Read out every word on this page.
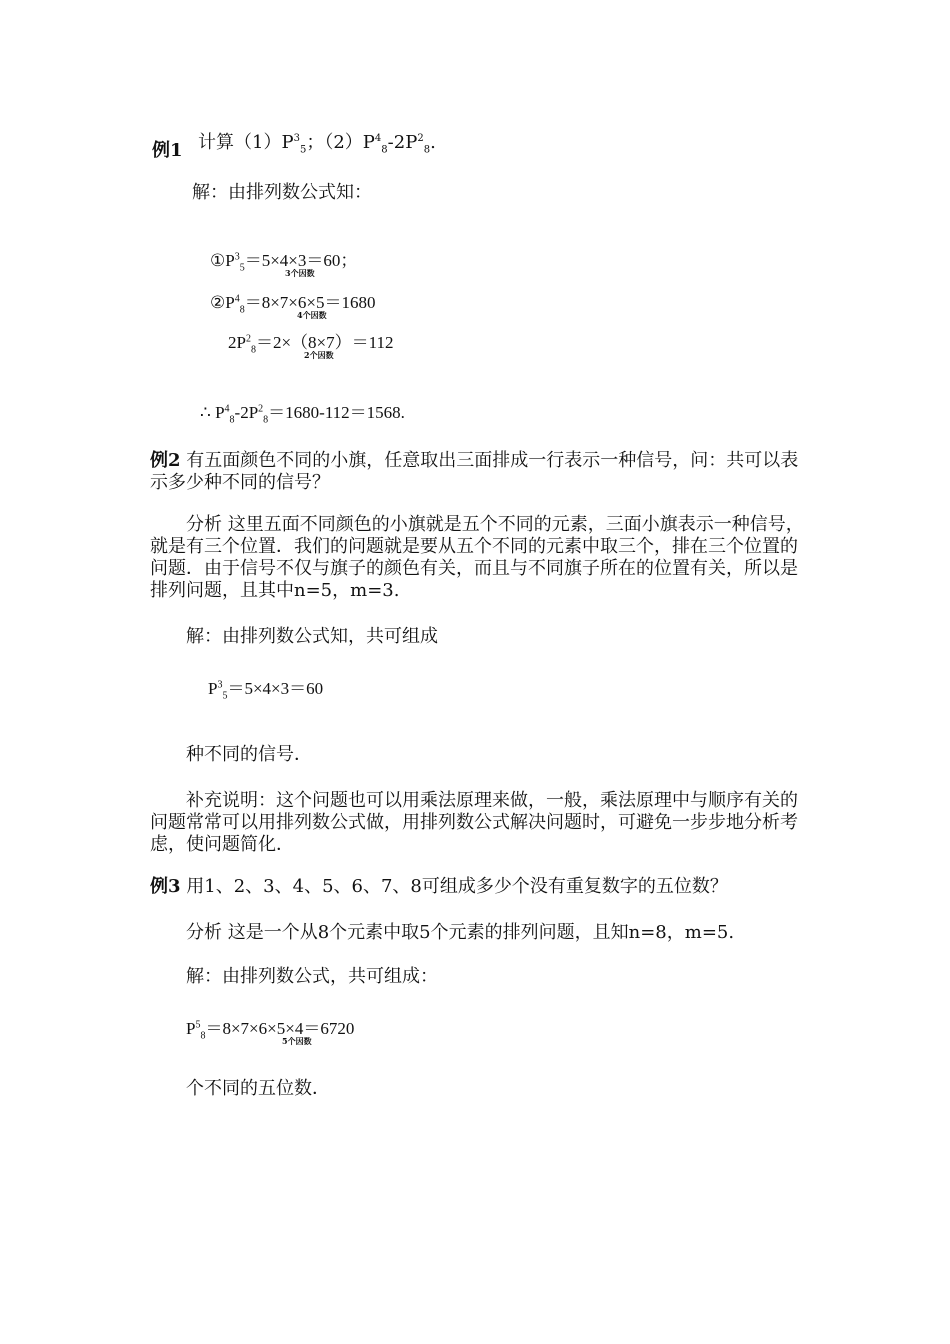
例1 计算$(1)P^3_5$；$(2)P^4_8-2P^2_8$.
解：由排列数公式知：
$①P^3_5=5\times 4\times 3=60$；
3个因数
$②P^4_8=8\times 7\times 6\times 5=1680$
4个因数
$2P^2_8=2\times(8\times 7)=112$
2个因数
∴ $P^4_8-2P^2_8=1680-112=1568$.
例2 有五面颜色不同的小旗，任意取出三面排成一行表示一种信号，问：共可以表示多少种不同的信号？
分析 这里五面不同颜色的小旗就是五个不同的元素，三面小旗表示一种信号，就是有三个位置．我们的问题就是要从五个不同的元素中取三个，排在三个位置的问题．由于信号不仅与旗子的颜色有关，而且与不同旗子所在的位置有关，所以是排列问题，且其中n=5，m=3.
解：由排列数公式知，共可组成
$P^3_5=5\times 4\times 3=60$
种不同的信号．
补充说明：这个问题也可以用乘法原理来做，一般，乘法原理中与顺序有关的问题常常可以用排列数公式做，用排列数公式解决问题时，可避免一步步地分析考虑，使问题简化．
例3 用1、2、3、4、5、6、7、8可组成多少个没有重复数字的五位数？
分析 这是一个从8个元素中取5个元素的排列问题，且知n=8，m=5.
解：由排列数公式，共可组成：
$P^5_8=8\times 7\times 6\times 5\times 4=6720$
5个因数
个不同的五位数．
